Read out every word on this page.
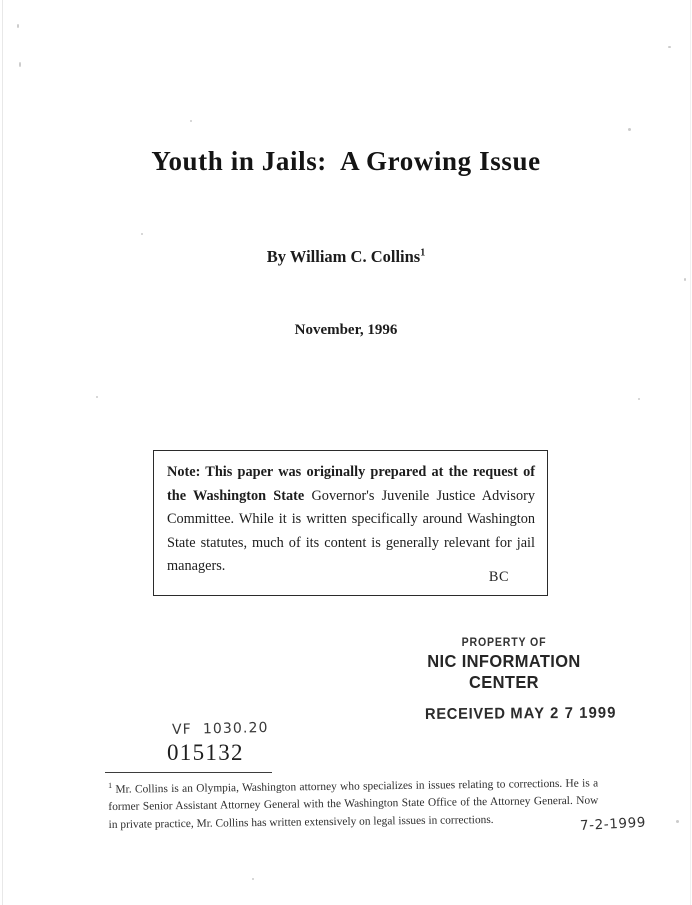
Youth in Jails:  A Growing Issue
By William C. Collins$^1$
November, 1996
Note: This paper was originally prepared at the request of the Washington State Governor's Juvenile Justice Advisory Committee. While it is written specifically around Washington State statutes, much of its content is generally relevant for jail managers.
BC
PROPERTY OF
NIC INFORMATION CENTER
RECEIVED MAY 2 7 1999
VF  1030.20
015132
$^1$ Mr. Collins is an Olympia, Washington attorney who specializes in issues relating to corrections. He is a former Senior Assistant Attorney General with the Washington State Office of the Attorney General. Now in private practice, Mr. Collins has written extensively on legal issues in corrections.	7-2-1999
